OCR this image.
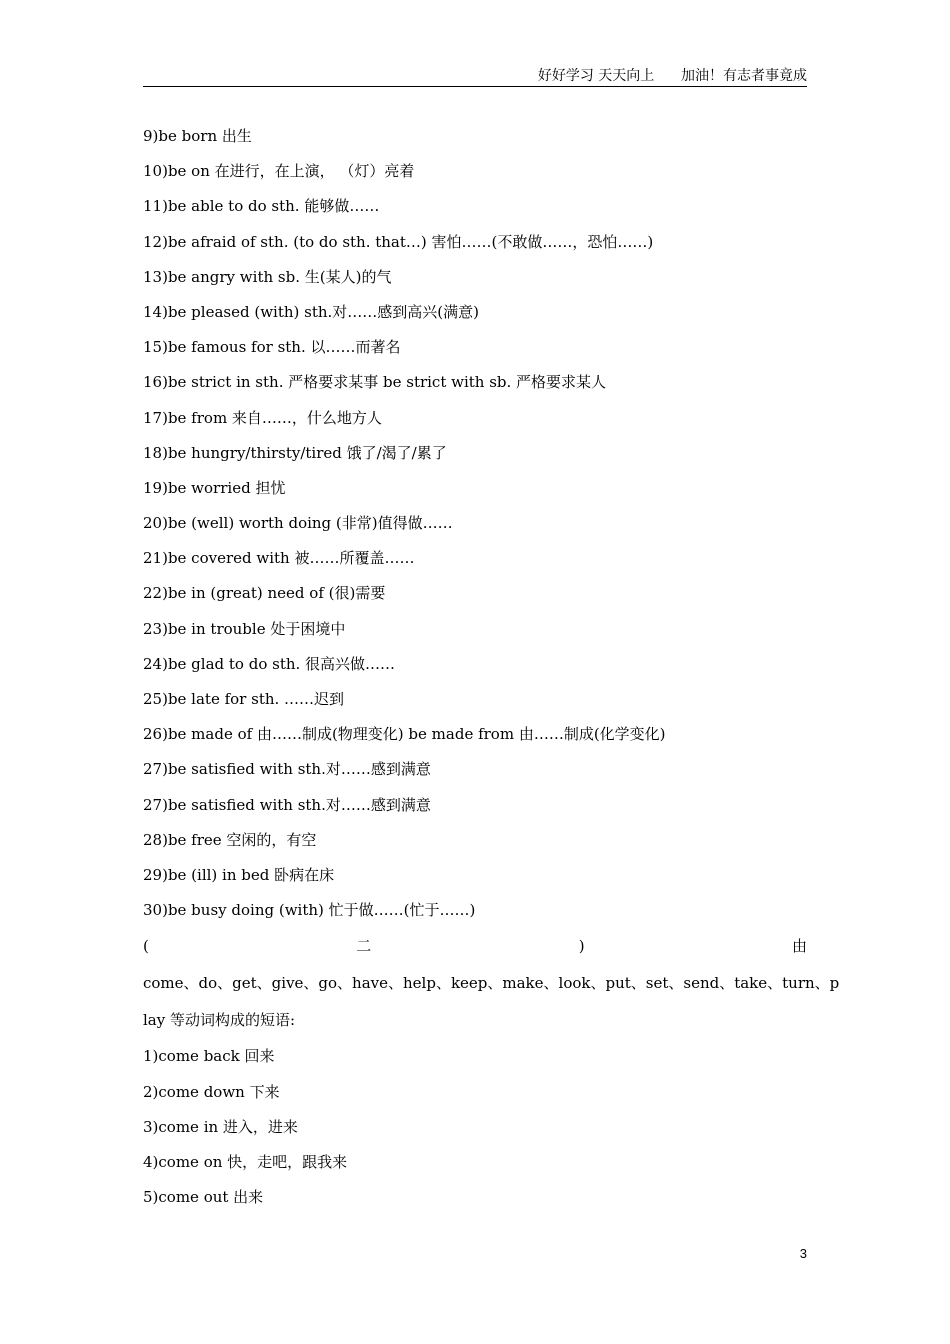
好好学习 天天向上      加油！有志者事竟成
9)be born 出生
10)be on 在进行，在上演， （灯）亮着
11)be able to do sth. 能够做……
12)be afraid of sth. (to do sth. that…) 害怕……(不敢做……，恐怕……)
13)be angry with sb. 生(某人)的气
14)be pleased (with) sth.对……感到高兴(满意)
15)be famous for sth. 以……而著名
16)be strict in sth. 严格要求某事 be strict with sb. 严格要求某人
17)be from 来自……，什么地方人
18)be hungry/thirsty/tired 饿了/渴了/累了
19)be worried 担忧
20)be (well) worth doing (非常)值得做……
21)be covered with 被……所覆盖……
22)be in (great) need of (很)需要
23)be in trouble 处于困境中
24)be glad to do sth. 很高兴做……
25)be late for sth. ……迟到
26)be made of 由……制成(物理变化) be made from 由……制成(化学变化)
27)be satisfied with sth.对……感到满意
27)be satisfied with sth.对……感到满意
28)be free 空闲的，有空
29)be (ill) in bed 卧病在床
30)be busy doing (with) 忙于做……(忙于……)
(	二	)	由
come、do、get、give、go、have、help、keep、make、look、put、set、send、take、turn、p
lay 等动词构成的短语:
1)come back 回来
2)come down 下来
3)come in 进入，进来
4)come on 快，走吧，跟我来
5)come out 出来
3
